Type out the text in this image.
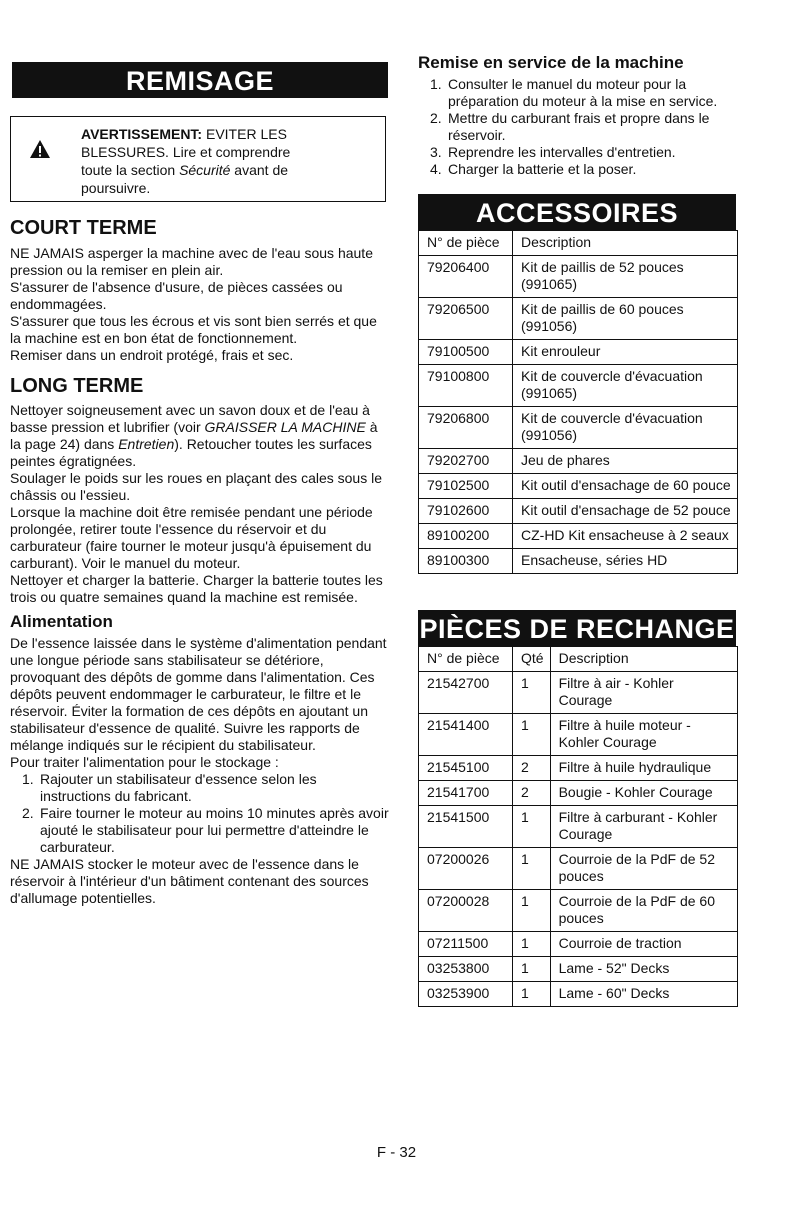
REMISAGE
AVERTISSEMENT: EVITER LES
BLESSURES. Lire et comprendre
toute la section Sécurité avant de
poursuivre.
COURT TERME

NE JAMAIS asperger la machine avec de l'eau sous haute pression ou la remiser en plein air.

S'assurer de l'absence d'usure, de pièces cassées ou endommagées.

S'assurer que tous les écrous et vis sont bien serrés et que la machine est en bon état de fonctionnement.

Remiser dans un endroit protégé, frais et sec.

LONG TERME

Nettoyer soigneusement avec un savon doux et de l'eau à basse pression et lubrifier (voir GRAISSER LA MACHINE à la page 24) dans Entretien). Retoucher toutes les surfaces peintes égratignées.

Soulager le poids sur les roues en plaçant des cales sous le châssis ou l'essieu.

Lorsque la machine doit être remisée pendant une période prolongée, retirer toute l'essence du réservoir et du carburateur (faire tourner le moteur jusqu'à épuisement du carburant). Voir le manuel du moteur.

Nettoyer et charger la batterie. Charger la batterie toutes les trois ou quatre semaines quand la machine est remisée.

Alimentation

De l'essence laissée dans le système d'alimentation pendant une longue période sans stabilisateur se détériore, provoquant des dépôts de gomme dans l'alimentation. Ces dépôts peuvent endommager le carburateur, le filtre et le réservoir. Éviter la formation de ces dépôts en ajoutant un stabilisateur d'essence de qualité. Suivre les rapports de mélange indiqués sur le récipient du stabilisateur.

Pour traiter l'alimentation pour le stockage :

1. Rajouter un stabilisateur d'essence selon les instructions du fabricant.
2. Faire tourner le moteur au moins 10 minutes après avoir ajouté le stabilisateur pour lui permettre d'atteindre le carburateur.

NE JAMAIS stocker le moteur avec de l'essence dans le réservoir à l'intérieur d'un bâtiment contenant des sources d'allumage potentielles.

Remise en service de la machine
1. Consulter le manuel du moteur pour la préparation du moteur à la mise en service.
2. Mettre du carburant frais et propre dans le réservoir.
3. Reprendre les intervalles d'entretien.
4. Charger la batterie et la poser.
ACCESSOIRES
N° de pièce	Description
79206400	Kit de paillis de 52 pouces (991065)
79206500	Kit de paillis de 60 pouces (991056)
79100500	Kit enrouleur
79100800	Kit de couvercle d'évacuation (991065)
79206800	Kit de couvercle d'évacuation (991056)
79202700	Jeu de phares
79102500	Kit outil d'ensachage de 60 pouce
79102600	Kit outil d'ensachage de 52 pouce
89100200	CZ-HD Kit ensacheuse à 2 seaux
89100300	Ensacheuse, séries HD
PIÈCES DE RECHANGE
N° de pièce	Qté	Description
21542700	1	Filtre à air - Kohler Courage
21541400	1	Filtre à huile moteur - Kohler Courage
21545100	2	Filtre à huile hydraulique
21541700	2	Bougie - Kohler Courage
21541500	1	Filtre à carburant - Kohler Courage
07200026	1	Courroie de la PdF de 52 pouces
07200028	1	Courroie de la PdF de 60 pouces
07211500	1	Courroie de traction
03253800	1	Lame - 52" Decks
03253900	1	Lame - 60" Decks
F - 32
